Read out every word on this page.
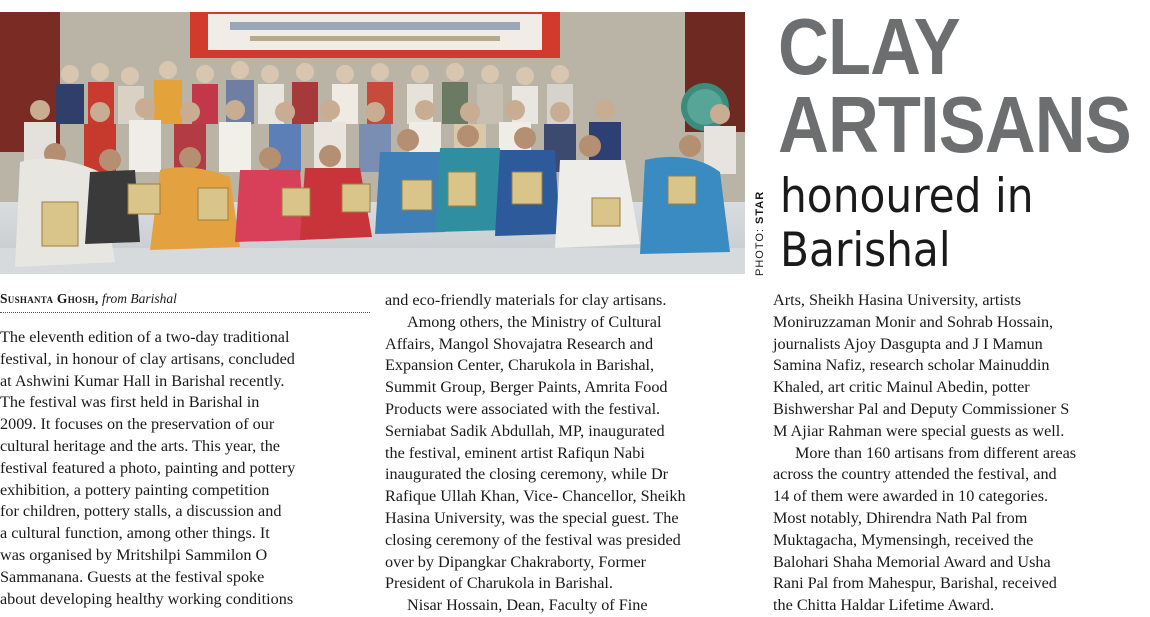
CLAY
ARTISANS
honoured in
Barishal
PHOTO: STAR
Sushanta Ghosh, from Barishal
The eleventh edition of a two-day traditional
festival, in honour of clay artisans, concluded
at Ashwini Kumar Hall in Barishal recently.
The festival was first held in Barishal in
2009. It focuses on the preservation of our
cultural heritage and the arts. This year, the
festival featured a photo, painting and pottery
exhibition, a pottery painting competition
for children, pottery stalls, a discussion and
a cultural function, among other things. It
was organised by Mritshilpi Sammilon O
Sammanana. Guests at the festival spoke
about developing healthy working conditions
and eco-friendly materials for clay artisans.
Among others, the Ministry of Cultural
Affairs, Mangol Shovajatra Research and
Expansion Center, Charukola in Barishal,
Summit Group, Berger Paints, Amrita Food
Products were associated with the festival.
Serniabat Sadik Abdullah, MP, inaugurated
the festival, eminent artist Rafiqun Nabi
inaugurated the closing ceremony, while Dr
Rafique Ullah Khan, Vice- Chancellor, Sheikh
Hasina University, was the special guest. The
closing ceremony of the festival was presided
over by Dipangkar Chakraborty, Former
President of Charukola in Barishal.
Nisar Hossain, Dean, Faculty of Fine
Arts, Sheikh Hasina University, artists
Moniruzzaman Monir and Sohrab Hossain,
journalists Ajoy Dasgupta and J I Mamun
Samina Nafiz, research scholar Mainuddin
Khaled, art critic Mainul Abedin, potter
Bishwershar Pal and Deputy Commissioner S
M Ajiar Rahman were special guests as well.
More than 160 artisans from different areas
across the country attended the festival, and
14 of them were awarded in 10 categories.
Most notably, Dhirendra Nath Pal from
Muktagacha, Mymensingh, received the
Balohari Shaha Memorial Award and Usha
Rani Pal from Mahespur, Barishal, received
the Chitta Haldar Lifetime Award.
